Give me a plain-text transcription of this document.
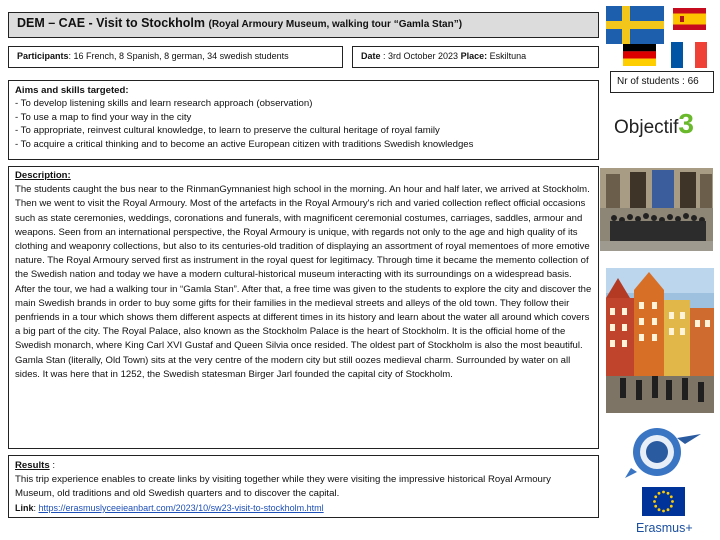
DEM – CAE - Visit to Stockholm (Royal Armoury Museum, walking tour “Gamla Stan”)
Participants: 16 French, 8 Spanish, 8 german, 34 swedish students	Date : 3rd October 2023 Place: Eskiltuna

Aims and skills targeted:

- To develop listening skills and learn research approach (observation)

- To use a map to find your way in the city

- To appropriate, reinvest cultural knowledge, to learn to preserve the cultural heritage of royal family

- To acquire a critical thinking and to become an active European citizen with traditions Swedish knowledges

Description:

The students caught the bus near to the RinmanGymnaniest high school in the morning. An hour and half later, we arrived at Stockholm. Then we went to visit the Royal Armoury. Most of the artefacts in the Royal Armoury's rich and varied collection reflect official occasions such as state ceremonies, weddings, coronations and funerals, with magnificent ceremonial costumes, carriages, saddles, armour and weapons. Seen from an international perspective, the Royal Armoury is unique, with regards not only to the age and high quality of its clothing and weaponry collections, but also to its centuries-old tradition of displaying an assortment of royal mementoes of more emotive nature. The Royal Armoury served first as instrument in the royal quest for legitimacy. Through time it became the memento collection of the Swedish nation and today we have a modern cultural-historical museum interacting with its surroundings on a widespread basis.

After the tour, we had a walking tour in “Gamla Stan”. After that, a free time was given to the students to explore the city and discover the main Swedish brands in order to buy some gifts for their families in the medieval streets and alleys of the old town. They follow their penfriends in a tour which shows them different aspects at different times in its history and learn about the water all around which covers a big part of the city. The Royal Palace, also known as the Stockholm Palace is the heart of Stockholm. It is the official home of the Swedish monarch, where King Carl XVI Gustaf and Queen Silvia once resided. The oldest part of Stockholm is also the most beautiful. Gamla Stan (literally, Old Town) sits at the very centre of the modern city but still oozes medieval charm. Surrounded by water on all sides. It was here that in 1252, the Swedish statesman Birger Jarl founded the capital city of Stockholm.

Results :

This trip experience enables to create links by visiting together while they were visiting the impressive historical Royal Armoury Museum, old traditions and old Swedish quarters and to discover the capital.

Link: https://erasmuslyceeieanbart.com/2023/10/sw23-visit-to-stockholm.html

Nr of students : 66
Objectif3
Erasmus+
